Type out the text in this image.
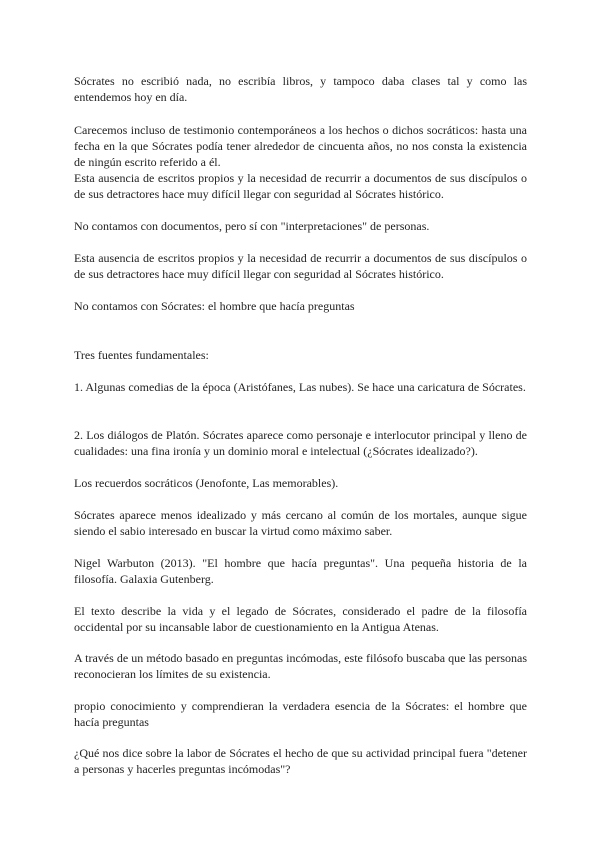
Sócrates no escribió nada, no escribía libros, y tampoco daba clases tal y como las entendemos hoy en día.

Carecemos incluso de testimonio contemporáneos a los hechos o dichos socráticos: hasta una fecha en la que Sócrates podía tener alrededor de cincuenta años, no nos consta la existencia de ningún escrito referido a él.

Esta ausencia de escritos propios y la necesidad de recurrir a documentos de sus discípulos o de sus detractores hace muy difícil llegar con seguridad al Sócrates histórico.

No contamos con documentos, pero sí con "interpretaciones" de personas.

Esta ausencia de escritos propios y la necesidad de recurrir a documentos de sus discípulos o de sus detractores hace muy difícil llegar con seguridad al Sócrates histórico.

No contamos con Sócrates: el hombre que hacía preguntas

Tres fuentes fundamentales:

1. Algunas comedias de la época (Aristófanes, Las nubes). Se hace una caricatura de Sócrates.

2. Los diálogos de Platón. Sócrates aparece como personaje e interlocutor principal y lleno de cualidades: una fina ironía y un dominio moral e intelectual (¿Sócrates idealizado?).

Los recuerdos socráticos (Jenofonte, Las memorables).

Sócrates aparece menos idealizado y más cercano al común de los mortales, aunque sigue siendo el sabio interesado en buscar la virtud como máximo saber.

Nigel Warbuton (2013). "El hombre que hacía preguntas". Una pequeña historia de la filosofía. Galaxia Gutenberg.

El texto describe la vida y el legado de Sócrates, considerado el padre de la filosofía occidental por su incansable labor de cuestionamiento en la Antigua Atenas.

A través de un método basado en preguntas incómodas, este filósofo buscaba que las personas reconocieran los límites de su existencia.

propio conocimiento y comprendieran la verdadera esencia de la Sócrates: el hombre que hacía preguntas

¿Qué nos dice sobre la labor de Sócrates el hecho de que su actividad principal fuera "detener a personas y hacerles preguntas incómodas"?
